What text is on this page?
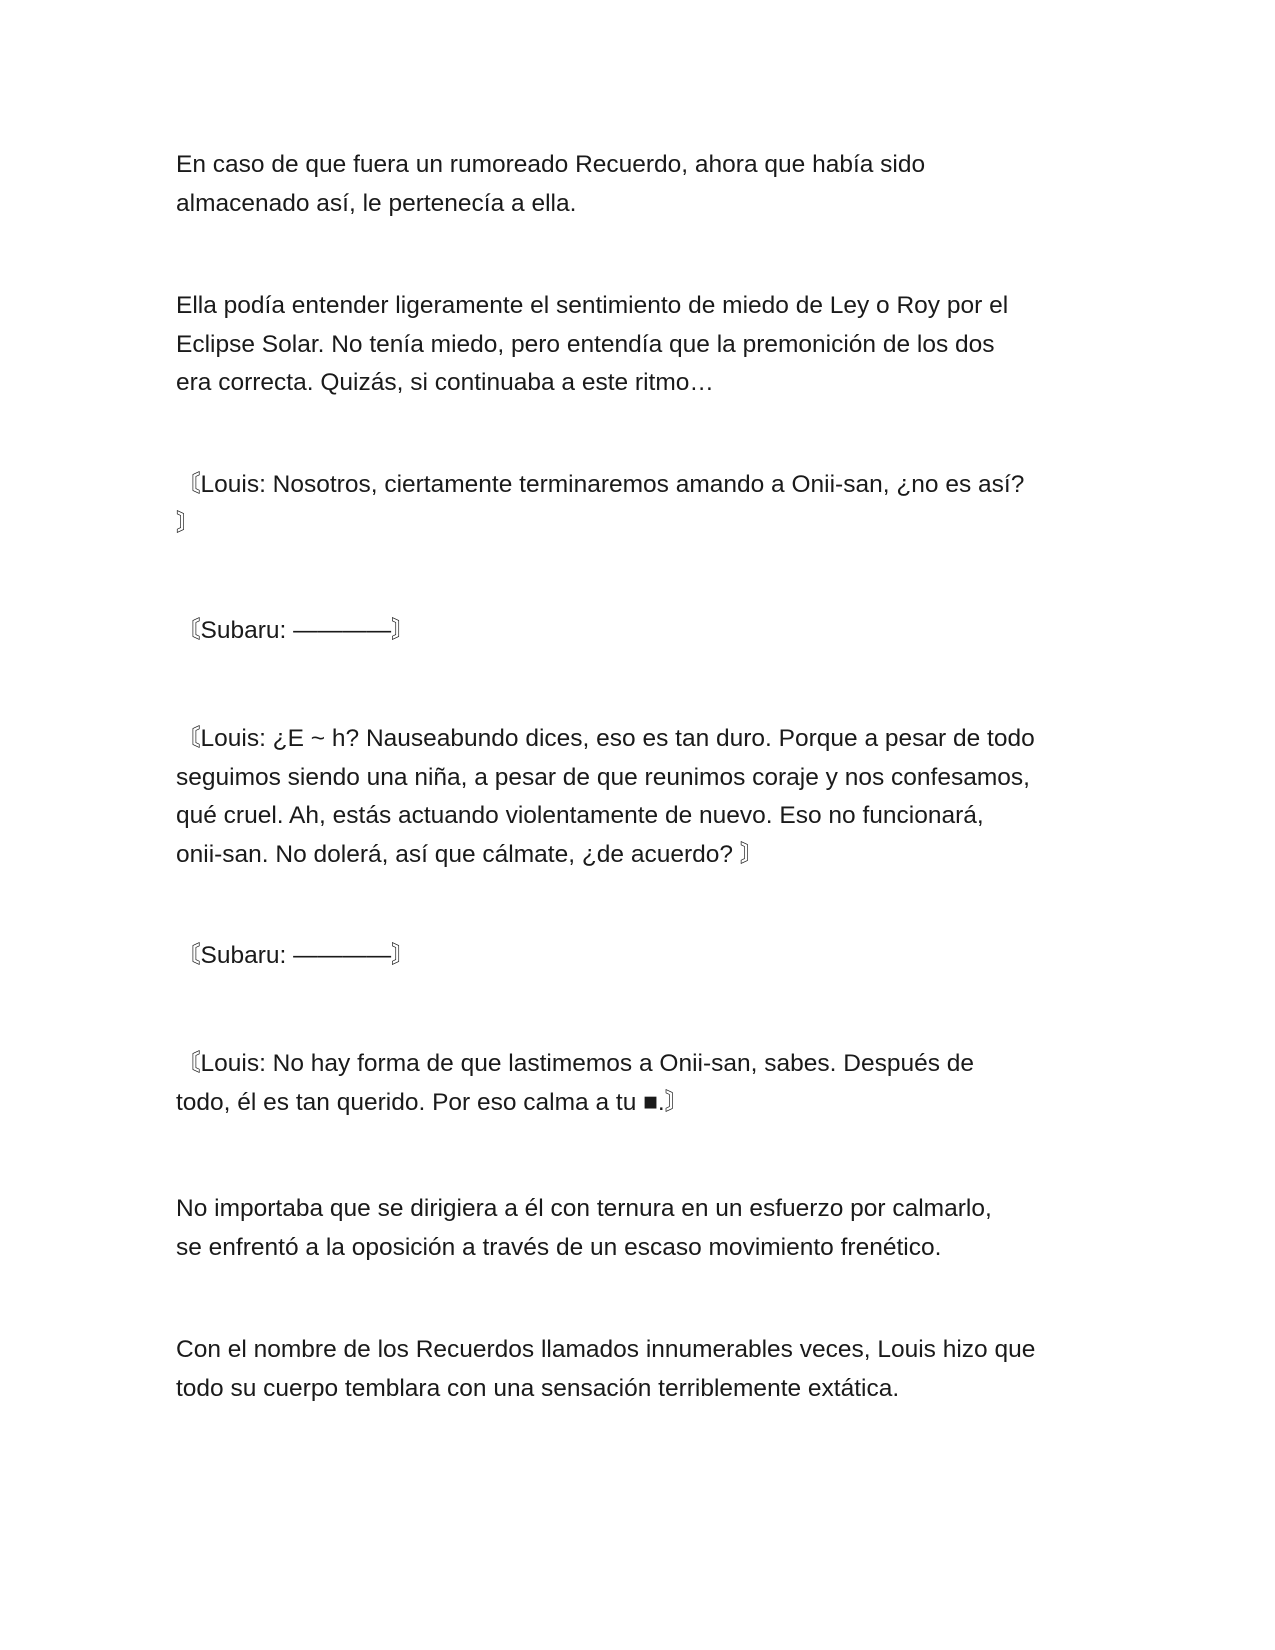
En caso de que fuera un rumoreado Recuerdo, ahora que había sido
almacenado así, le pertenecía a ella.
Ella podía entender ligeramente el sentimiento de miedo de Ley o Roy por el
Eclipse Solar. No tenía miedo, pero entendía que la premonición de los dos
era correcta. Quizás, si continuaba a este ritmo…
〘Louis: Nosotros, ciertamente terminaremos amando a Onii-san, ¿no es así?
〙
〘Subaru: ————〙
〘Louis: ¿E ~ h? Nauseabundo dices, eso es tan duro. Porque a pesar de todo
seguimos siendo una niña, a pesar de que reunimos coraje y nos confesamos,
qué cruel. Ah, estás actuando violentamente de nuevo. Eso no funcionará,
onii-san. No dolerá, así que cálmate, ¿de acuerdo? 〙
〘Subaru: ————〙
〘Louis: No hay forma de que lastimemos a Onii-san, sabes. Después de
todo, él es tan querido. Por eso calma a tu ■.〙
No importaba que se dirigiera a él con ternura en un esfuerzo por calmarlo,
se enfrentó a la oposición a través de un escaso movimiento frenético.
Con el nombre de los Recuerdos llamados innumerables veces, Louis hizo que
todo su cuerpo temblara con una sensación terriblemente extática.
